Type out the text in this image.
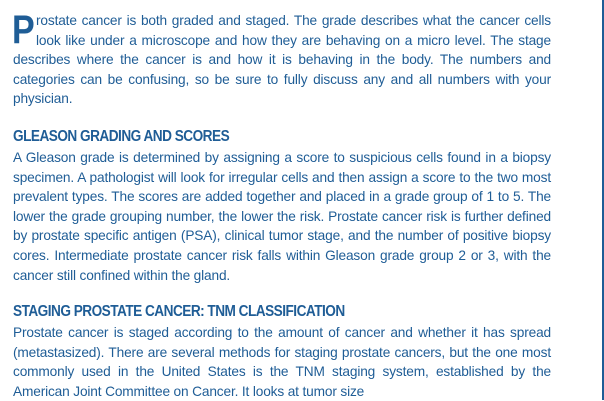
Prostate cancer is both graded and staged. The grade describes what the cancer cells look like under a microscope and how they are behaving on a micro level. The stage describes where the cancer is and how it is behaving in the body. The numbers and categories can be confusing, so be sure to fully discuss any and all numbers with your physician.

GLEASON GRADING AND SCORES

A Gleason grade is determined by assigning a score to suspicious cells found in a biopsy specimen. A pathologist will look for irregular cells and then assign a score to the two most prevalent types. The scores are added together and placed in a grade group of 1 to 5. The lower the grade grouping number, the lower the risk. Prostate cancer risk is further defined by prostate specific antigen (PSA), clinical tumor stage, and the number of positive biopsy cores. Intermediate prostate cancer risk falls within Gleason grade group 2 or 3, with the cancer still confined within the gland.

STAGING PROSTATE CANCER: TNM CLASSIFICATION

Prostate cancer is staged according to the amount of cancer and whether it has spread (metastasized). There are several methods for staging prostate cancers, but the one most commonly used in the United States is the TNM staging system, established by the American Joint Committee on Cancer. It looks at tumor size
